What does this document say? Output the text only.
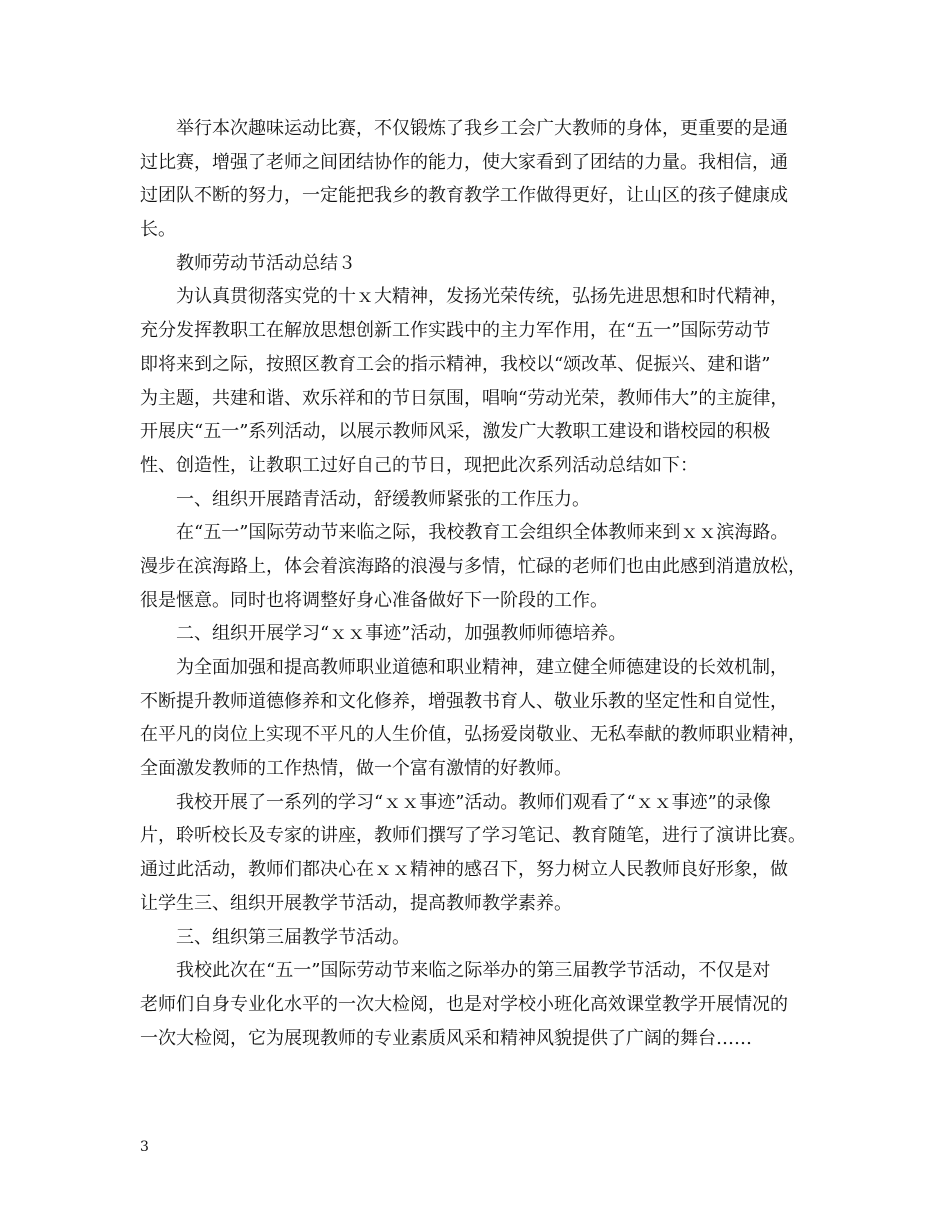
举行本次趣味运动比赛，不仅锻炼了我乡工会广大教师的身体，更重要的是通
过比赛，增强了老师之间团结协作的能力，使大家看到了团结的力量。我相信，通
过团队不断的努力，一定能把我乡的教育教学工作做得更好，让山区的孩子健康成
长。
教师劳动节活动总结３
为认真贯彻落实党的十ｘ大精神，发扬光荣传统，弘扬先进思想和时代精神，
充分发挥教职工在解放思想创新工作实践中的主力军作用，在“五一”国际劳动节
即将来到之际，按照区教育工会的指示精神，我校以“颂改革、促振兴、建和谐”
为主题，共建和谐、欢乐祥和的节日氛围，唱响“劳动光荣，教师伟大”的主旋律，
开展庆“五一”系列活动，以展示教师风采，激发广大教职工建设和谐校园的积极
性、创造性，让教职工过好自己的节日，现把此次系列活动总结如下：
一、组织开展踏青活动，舒缓教师紧张的工作压力。
在“五一”国际劳动节来临之际，我校教育工会组织全体教师来到ｘｘ滨海路。
漫步在滨海路上，体会着滨海路的浪漫与多情，忙碌的老师们也由此感到消遣放松，
很是惬意。同时也将调整好身心准备做好下一阶段的工作。
二、组织开展学习“ｘｘ事迹”活动，加强教师师德培养。
为全面加强和提高教师职业道德和职业精神，建立健全师德建设的长效机制，
不断提升教师道德修养和文化修养，增强教书育人、敬业乐教的坚定性和自觉性，
在平凡的岗位上实现不平凡的人生价值，弘扬爱岗敬业、无私奉献的教师职业精神，
全面激发教师的工作热情，做一个富有激情的好教师。
我校开展了一系列的学习“ｘｘ事迹”活动。教师们观看了“ｘｘ事迹”的录像
片，聆听校长及专家的讲座，教师们撰写了学习笔记、教育随笔，进行了演讲比赛。
通过此活动，教师们都决心在ｘｘ精神的感召下，努力树立人民教师良好形象，做
让学生三、组织开展教学节活动，提高教师教学素养。
三、组织第三届教学节活动。
我校此次在“五一”国际劳动节来临之际举办的第三届教学节活动，不仅是对
老师们自身专业化水平的一次大检阅，也是对学校小班化高效课堂教学开展情况的
一次大检阅，它为展现教师的专业素质风采和精神风貌提供了广阔的舞台……
3
